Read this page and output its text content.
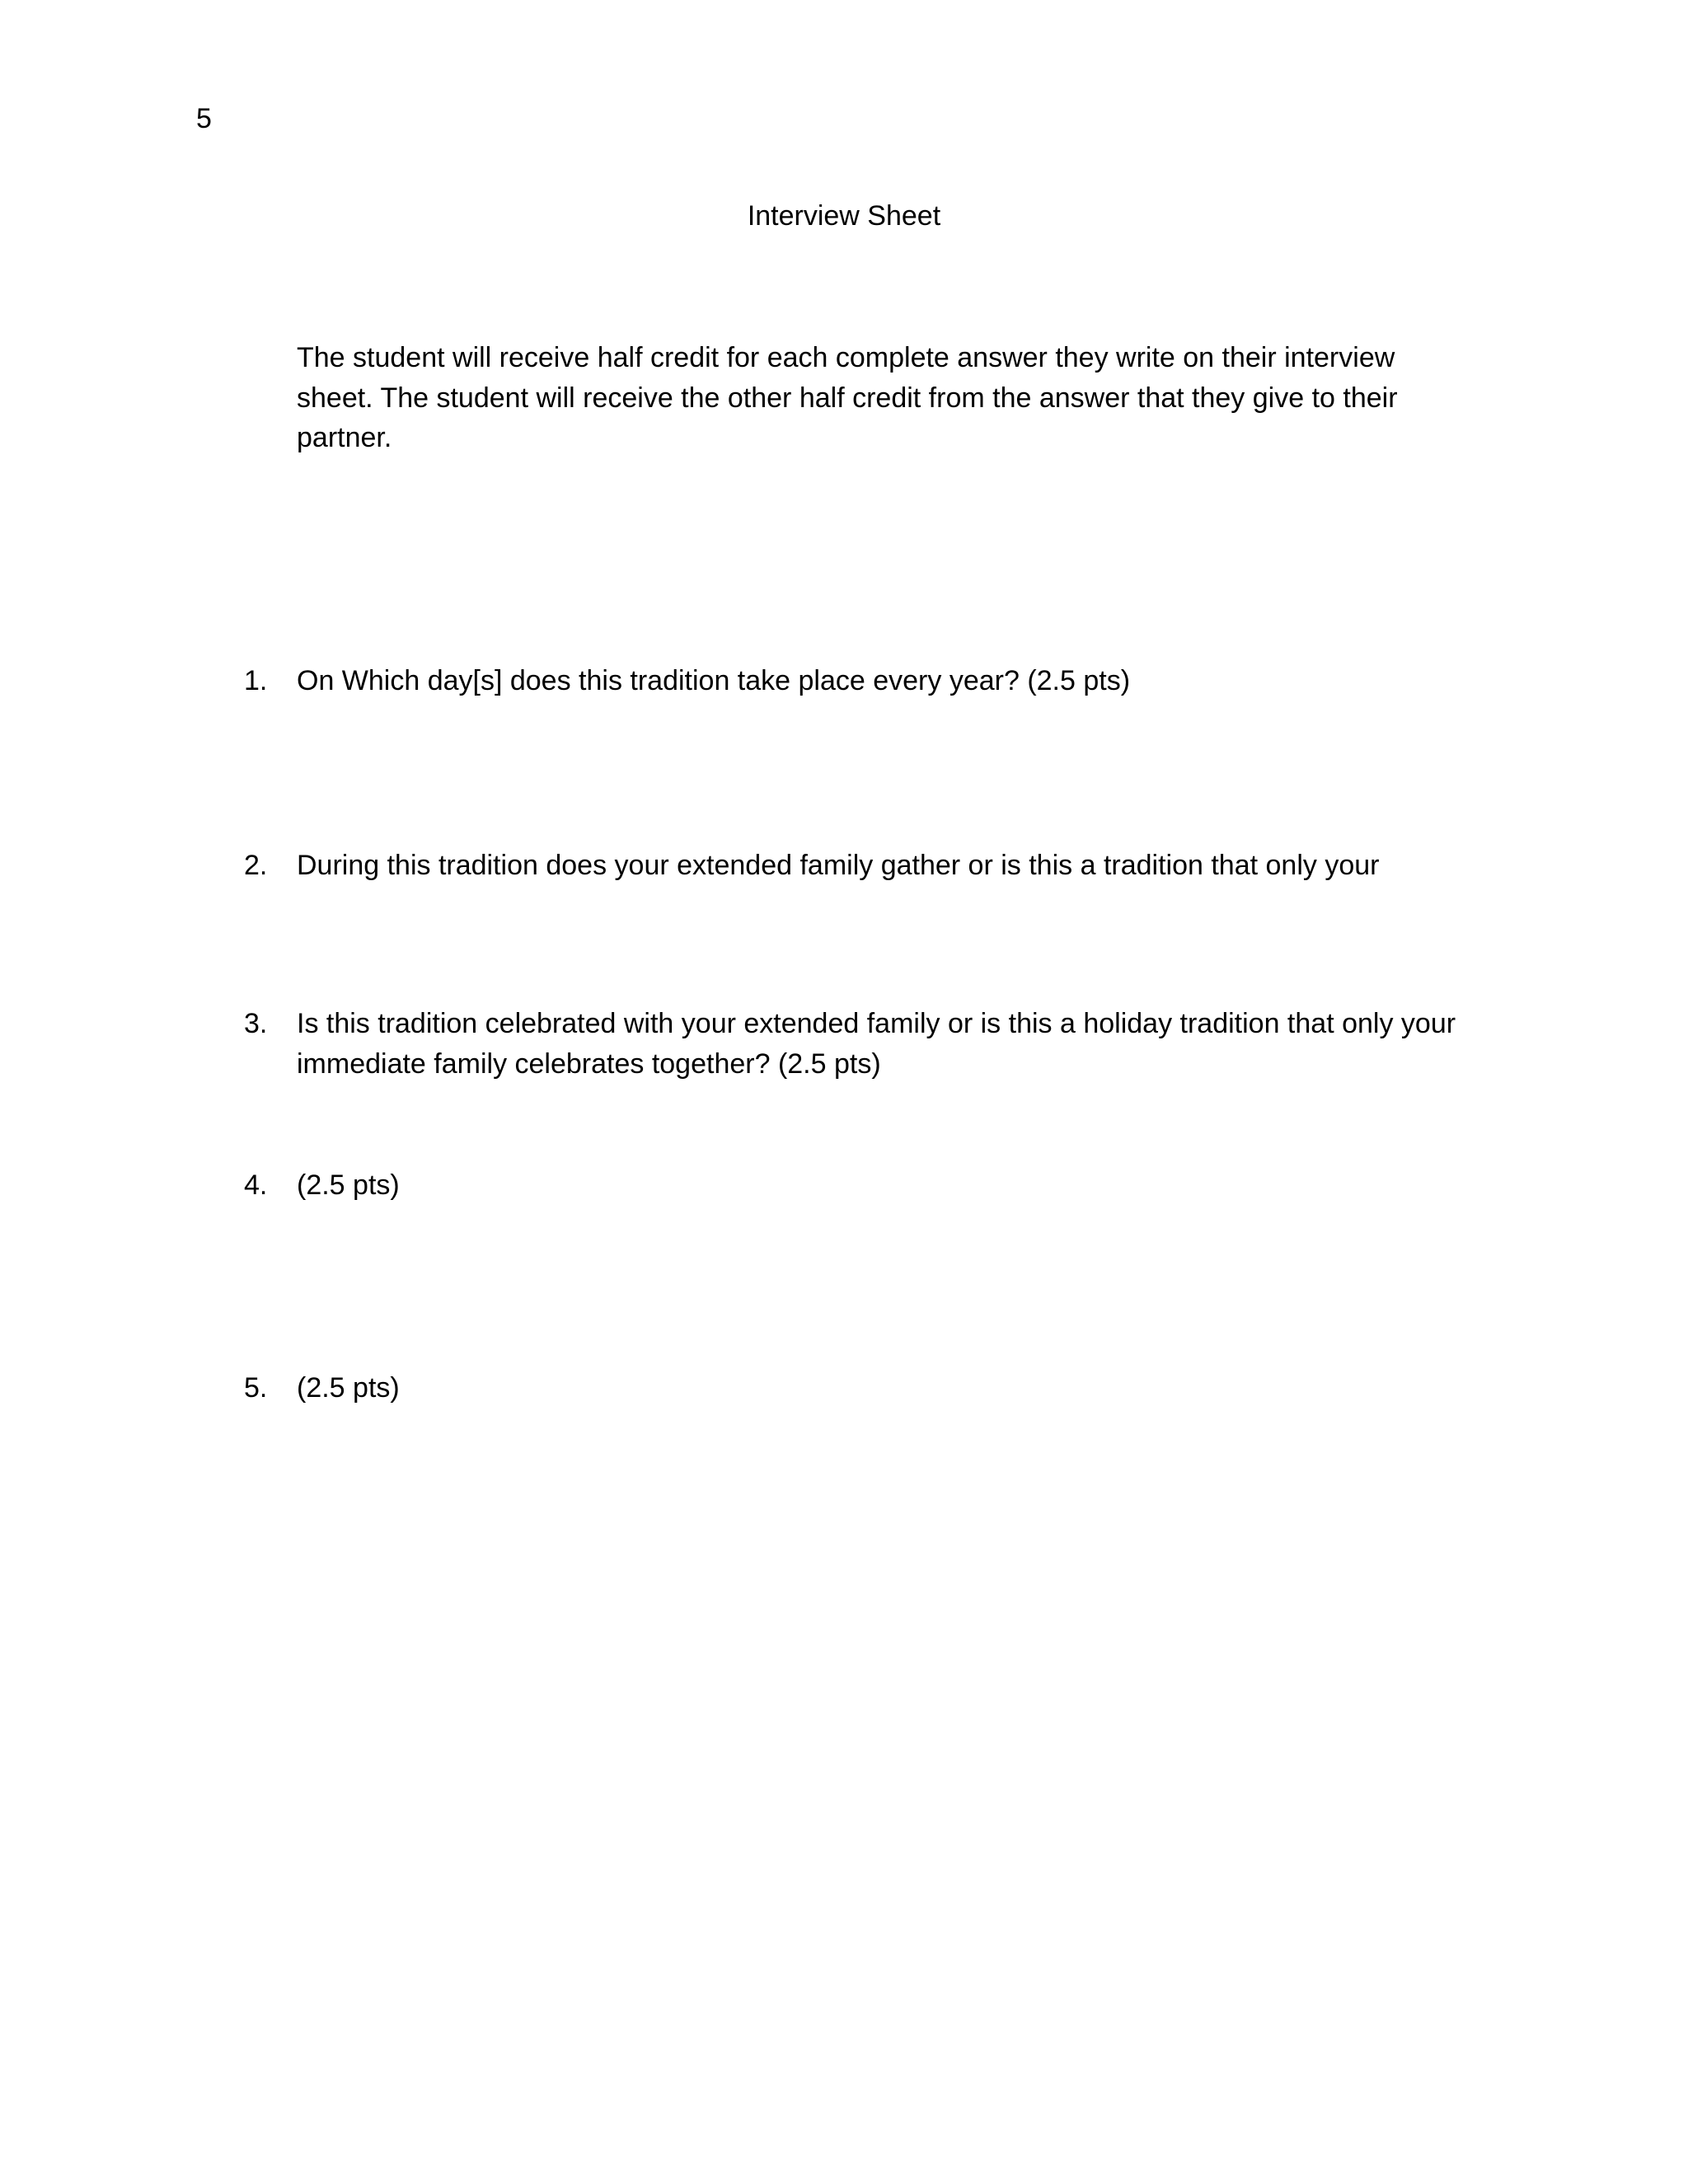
5
Interview Sheet
The student will receive half credit for each complete answer they write on their interview sheet. The student will receive the other half credit from the answer that they give to their partner.
1.	On Which day[s] does this tradition take place every year? (2.5 pts)
2.	During this tradition does your extended family gather or is this a tradition that only your
3.	Is this tradition celebrated with your extended family or is this a holiday tradition that only your immediate family celebrates together? (2.5 pts)
4.	(2.5 pts)
5.	(2.5 pts)
